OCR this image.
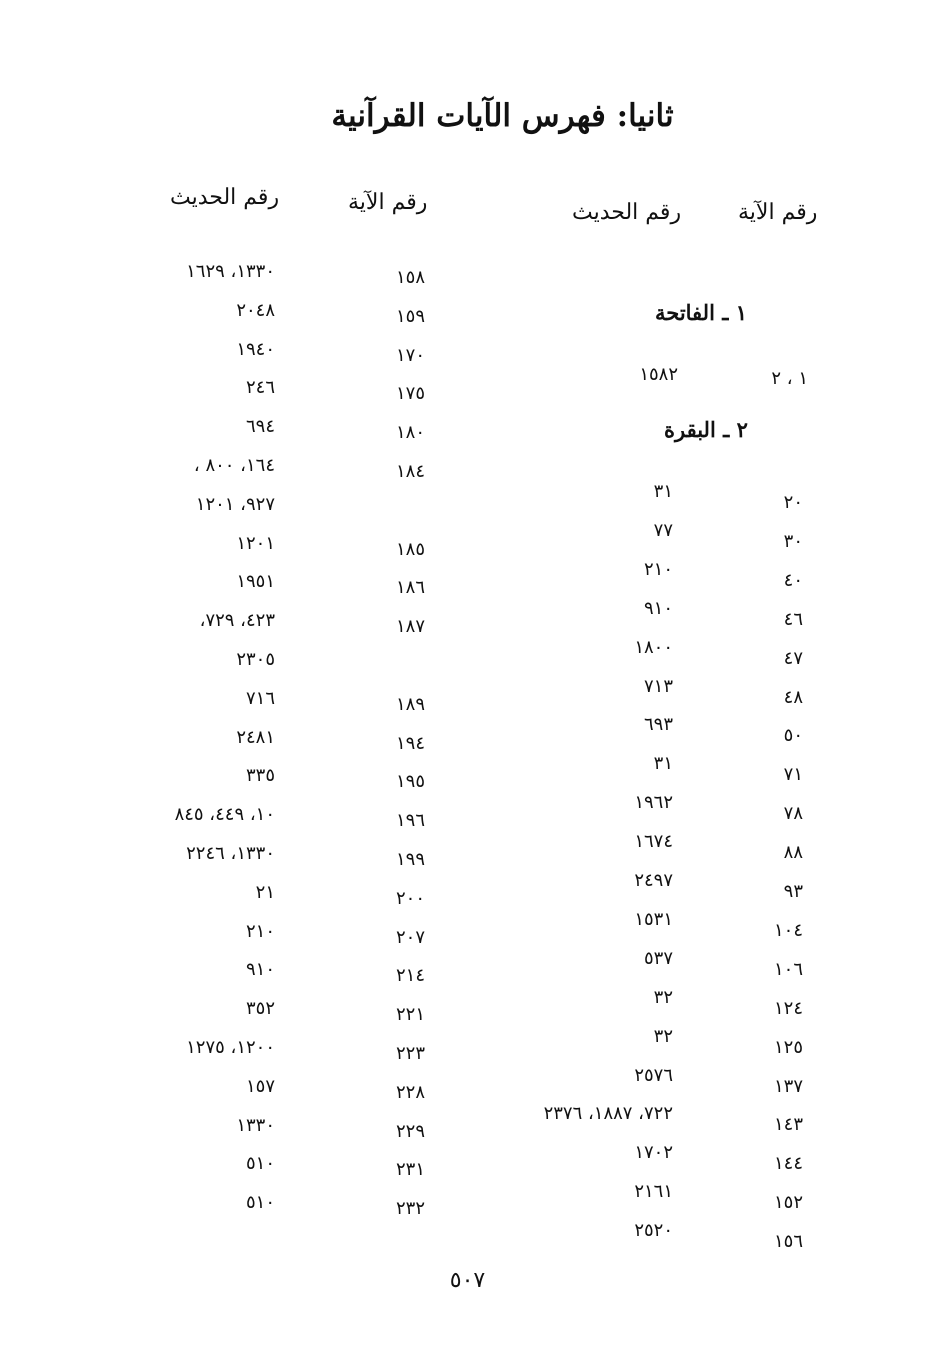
ثانيا: فهرس الآيات القرآنية
رقم الآية
رقم الحديث
رقم الآية
رقم الحديث
١ ـ الفاتحة
١ ، ٢
١٥٨٢
٢ ـ البقرة
٢٠
٣١
٣٠
٧٧
٤٠
٢١٠
٤٦
٩١٠
٤٧
١٨٠٠
٤٨
٧١٣
٥٠
٦٩٣
٧١
٣١
٧٨
١٩٦٢
٨٨
١٦٧٤
٩٣
٢٤٩٧
١٠٤
١٥٣١
١٠٦
٥٣٧
١٢٤
٣٢
١٢٥
٣٢
١٣٧
٢٥٧٦
١٤٣
٧٢٢، ١٨٨٧، ٢٣٧٦
١٤٤
١٧٠٢
١٥٢
٢١٦١
١٥٦
٢٥٢٠
١٥٨
١٣٣٠، ١٦٢٩
١٥٩
٢٠٤٨
١٧٠
١٩٤٠
١٧٥
٢٤٦
١٨٠
٦٩٤
١٨٤
١٦٤، ٨٠٠ ،
٩٢٧، ١٢٠١
١٨٥
١٢٠١
١٨٦
١٩٥١
١٨٧
٤٢٣، ٧٢٩،
٢٣٠٥
١٨٩
٧١٦
١٩٤
٢٤٨١
١٩٥
٣٣٥
١٩٦
١٠، ٤٤٩، ٨٤٥
١٩٩
١٣٣٠، ٢٢٤٦
٢٠٠
٢١
٢٠٧
٢١٠
٢١٤
٩١٠
٢٢١
٣٥٢
٢٢٣
١٢٠٠، ١٢٧٥
٢٢٨
١٥٧
٢٢٩
١٣٣٠
٢٣١
٥١٠
٢٣٢
٥١٠
٥٠٧
